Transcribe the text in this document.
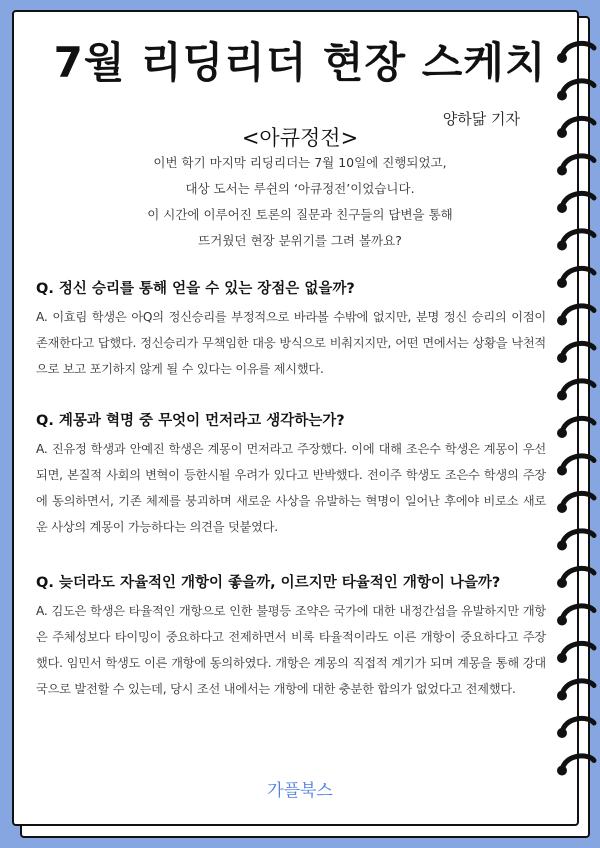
7월 리딩리더 현장 스케치
양하닮 기자
<아큐정전>

이번 학기 마지막 리딩리더는 7월 10일에 진행되었고,

대상 도서는 루쉰의 ‘아큐정전’이었습니다.

이 시간에 이루어진 토론의 질문과 친구들의 답변을 통해

뜨거웠던 현장 분위기를 그려 볼까요?

Q. 정신 승리를 통해 얻을 수 있는 장점은 없을까?

A. 이효림 학생은 아Q의 정신승리를 부정적으로 바라볼 수밖에 없지만, 분명 정신 승리의 이점이 존재한다고 답했다. 정신승리가 무책임한 대응 방식으로 비춰지지만, 어떤 면에서는 상황을 낙천적으로 보고 포기하지 않게 될 수 있다는 이유를 제시했다.

Q. 계몽과 혁명 중 무엇이 먼저라고 생각하는가?

A. 진유정 학생과 안예진 학생은 계몽이 먼저라고 주장했다. 이에 대해 조은수 학생은 계몽이 우선되면, 본질적 사회의 변혁이 등한시될 우려가 있다고 반박했다. 전이주 학생도 조은수 학생의 주장에 동의하면서, 기존 체제를 붕괴하며 새로운 사상을 유발하는 혁명이 일어난 후에야 비로소 새로운 사상의 계몽이 가능하다는 의견을 덧붙였다.

Q. 늦더라도 자율적인 개항이 좋을까, 이르지만 타율적인 개항이 나을까?

A. 김도은 학생은 타율적인 개항으로 인한 불평등 조약은 국가에 대한 내정간섭을 유발하지만 개항은 주체성보다 타이밍이 중요하다고 전제하면서 비록 타율적이라도 이른 개항이 중요하다고 주장했다. 임민서 학생도 이른 개항에 동의하였다. 개항은 계몽의 직접적 계기가 되며 계몽을 통해 강대국으로 발전할 수 있는데, 당시 조선 내에서는 개항에 대한 충분한 합의가 없었다고 전제했다.

가플북스
